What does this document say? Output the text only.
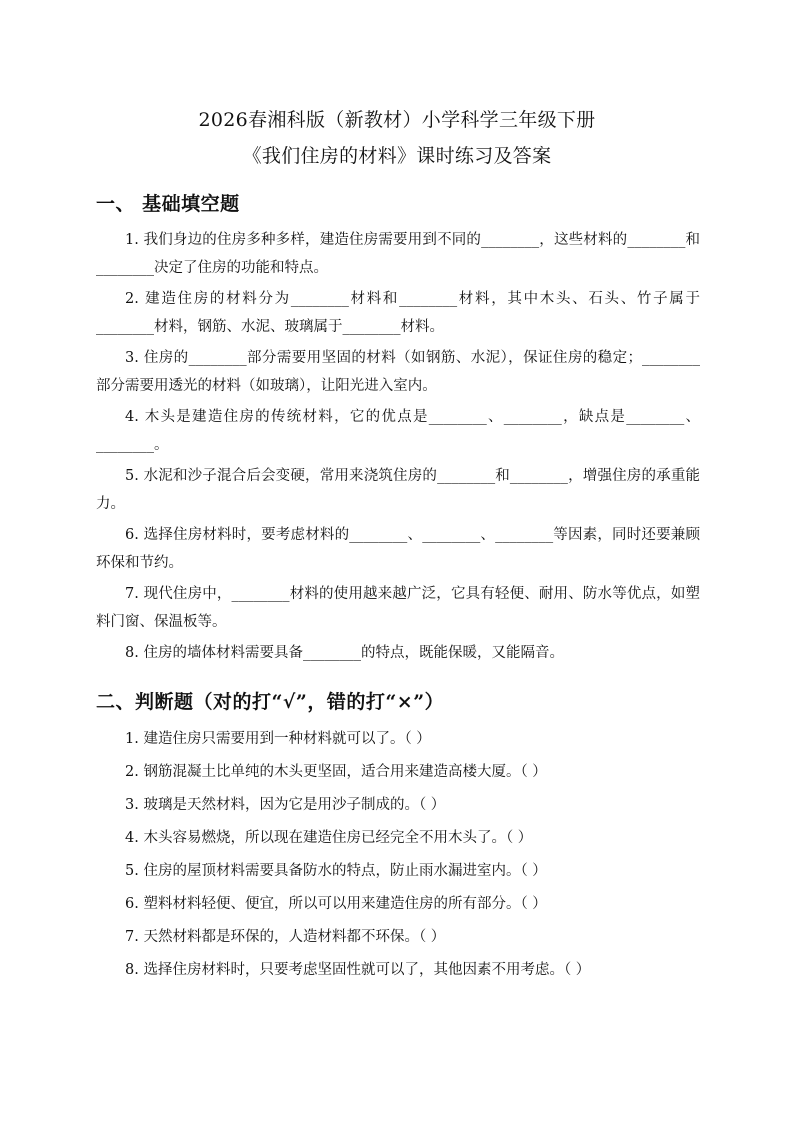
2026春湘科版（新教材）小学科学三年级下册
《我们住房的材料》课时练习及答案
一、 基础填空题

1. 我们身边的住房多种多样，建造住房需要用到不同的________，这些材料的________和________决定了住房的功能和特点。

2. 建造住房的材料分为________材料和________材料，其中木头、石头、竹子属于________材料，钢筋、水泥、玻璃属于________材料。

3. 住房的________部分需要用坚固的材料（如钢筋、水泥），保证住房的稳定；________部分需要用透光的材料（如玻璃），让阳光进入室内。

4. 木头是建造住房的传统材料，它的优点是________、________，缺点是________、________。

5. 水泥和沙子混合后会变硬，常用来浇筑住房的________和________，增强住房的承重能力。

6. 选择住房材料时，要考虑材料的________、________、________等因素，同时还要兼顾环保和节约。

7. 现代住房中，________材料的使用越来越广泛，它具有轻便、耐用、防水等优点，如塑料门窗、保温板等。

8. 住房的墙体材料需要具备________的特点，既能保暖，又能隔音。

二、判断题（对的打“√”，错的打“×”）

1. 建造住房只需要用到一种材料就可以了。（ ）

2. 钢筋混凝土比单纯的木头更坚固，适合用来建造高楼大厦。（ ）

3. 玻璃是天然材料，因为它是用沙子制成的。（ ）

4. 木头容易燃烧，所以现在建造住房已经完全不用木头了。（ ）

5. 住房的屋顶材料需要具备防水的特点，防止雨水漏进室内。（ ）

6. 塑料材料轻便、便宜，所以可以用来建造住房的所有部分。（ ）

7. 天然材料都是环保的，人造材料都不环保。（ ）

8. 选择住房材料时，只要考虑坚固性就可以了，其他因素不用考虑。（ ）
